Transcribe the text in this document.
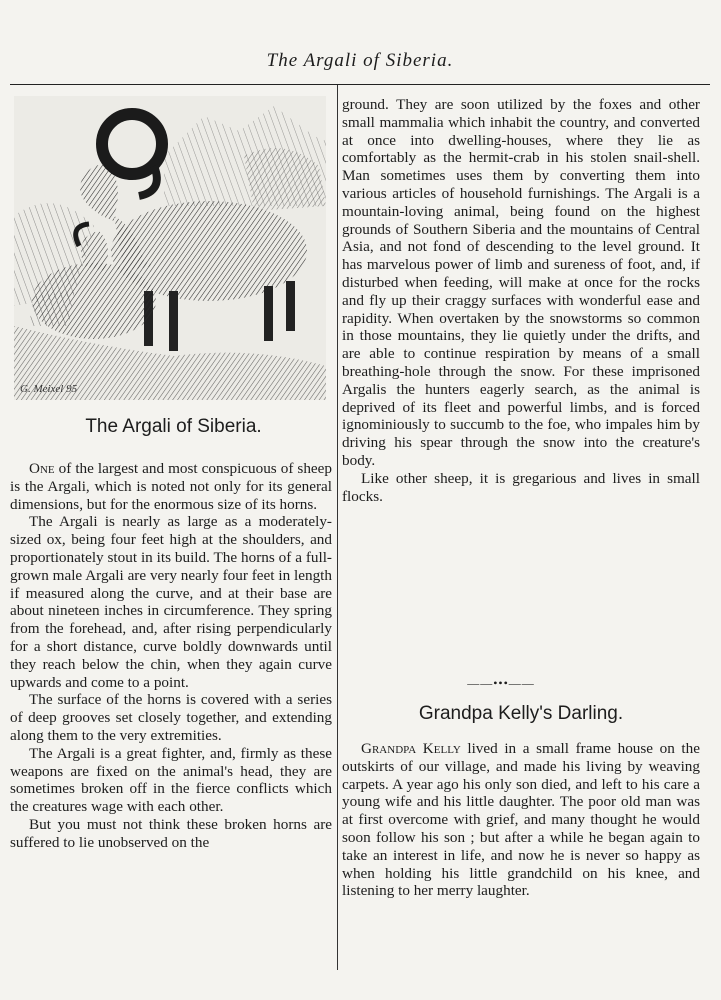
The Argali of Siberia.
G. Meixel 95
The Argali of Siberia.

One of the largest and most conspicuous of sheep is the Argali, which is noted not only for its general dimensions, but for the enormous size of its horns.

The Argali is nearly as large as a moderately-sized ox, being four feet high at the shoulders, and proportionately stout in its build. The horns of a full-grown male Argali are very nearly four feet in length if measured along the curve, and at their base are about nineteen inches in circumference. They spring from the forehead, and, after rising perpendicularly for a short distance, curve boldly downwards until they reach below the chin, when they again curve upwards and come to a point.

The surface of the horns is covered with a series of deep grooves set closely together, and extending along them to the very extremities.

The Argali is a great fighter, and, firmly as these weapons are fixed on the animal's head, they are sometimes broken off in the fierce conflicts which the creatures wage with each other.

But you must not think these broken horns are suffered to lie unobserved on the

ground. They are soon utilized by the foxes and other small mammalia which inhabit the country, and converted at once into dwelling-houses, where they lie as comfortably as the hermit-crab in his stolen snail-shell. Man sometimes uses them by converting them into various articles of household furnishings. The Argali is a mountain-loving animal, being found on the highest grounds of Southern Siberia and the mountains of Central Asia, and not fond of descending to the level ground. It has marvelous power of limb and sureness of foot, and, if disturbed when feeding, will make at once for the rocks and fly up their craggy surfaces with wonderful ease and rapidity. When overtaken by the snowstorms so common in those mountains, they lie quietly under the drifts, and are able to continue respiration by means of a small breathing-hole through the snow. For these imprisoned Argalis the hunters eagerly search, as the animal is deprived of its fleet and powerful limbs, and is forced ignominiously to succumb to the foe, who impales him by driving his spear through the snow into the creature's body.

Like other sheep, it is gregarious and lives in small flocks.

——•••——
Grandpa Kelly's Darling.

Grandpa Kelly lived in a small frame house on the outskirts of our village, and made his living by weaving carpets. A year ago his only son died, and left to his care a young wife and his little daughter. The poor old man was at first overcome with grief, and many thought he would soon follow his son ; but after a while he began again to take an interest in life, and now he is never so happy as when holding his little grandchild on his knee, and listening to her merry laughter.
